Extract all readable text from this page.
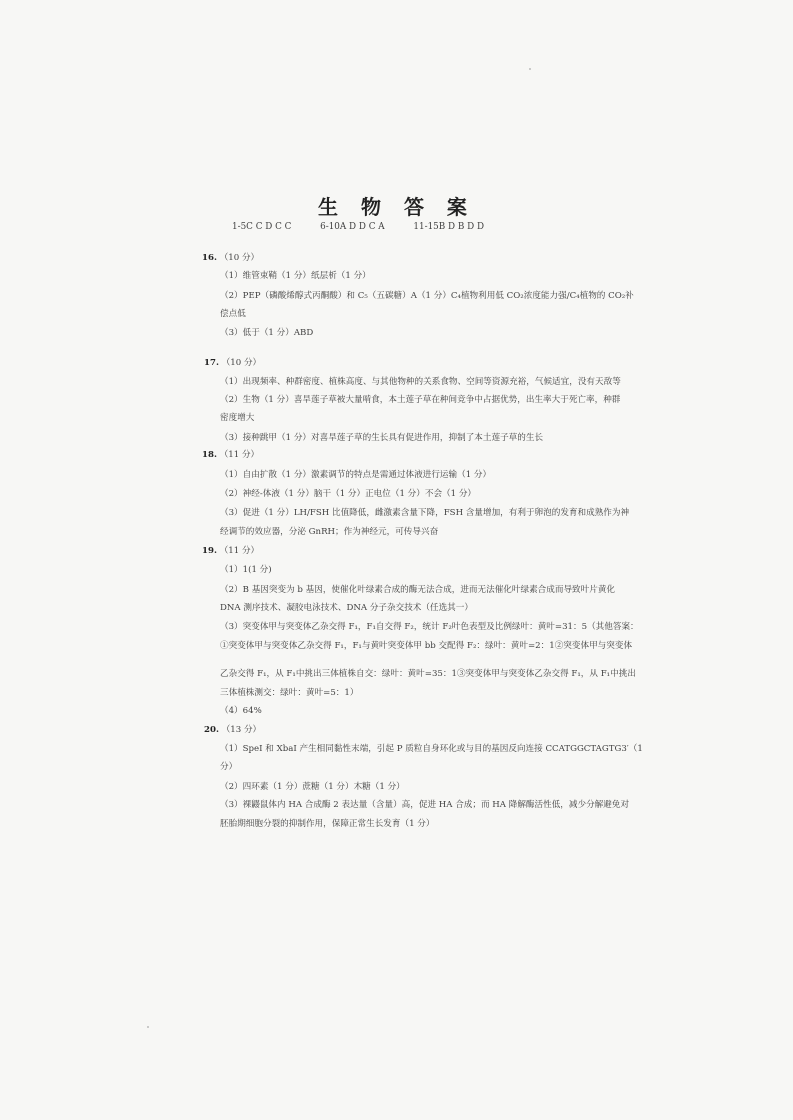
生 物 答 案
1-5C C D C C	6-10A D D C A	11-15B D B D D
16. （10 分）
（1）维管束鞘（1 分）纸层析（1 分）
（2）PEP（磷酸烯醇式丙酮酸）和 C₅（五碳糖）A（1 分）C₄植物利用低 CO₂浓度能力强/C₄植物的 CO₂补
偿点低
（3）低于（1 分）ABD
17. （10 分）
（1）出现频率、种群密度、植株高度、与其他物种的关系食物、空间等资源充裕，气候适宜，没有天敌等
（2）生物（1 分）喜旱莲子草被大量啃食，本土莲子草在种间竞争中占据优势，出生率大于死亡率，种群
密度增大
（3）接种跳甲（1 分）对喜旱莲子草的生长具有促进作用，抑制了本土莲子草的生长
18. （11 分）
（1）自由扩散（1 分）激素调节的特点是需通过体液进行运输（1 分）
（2）神经-体液（1 分）脑干（1 分）正电位（1 分）不会（1 分）
（3）促进（1 分）LH/FSH 比值降低，雌激素含量下降，FSH 含量增加，有利于卵泡的发育和成熟作为神
经调节的效应器，分泌 GnRH；作为神经元，可传导兴奋
19. （11 分）
（1）1(1 分)
（2）B 基因突变为 b 基因，使催化叶绿素合成的酶无法合成，进而无法催化叶绿素合成而导致叶片黄化
DNA 测序技术、凝胶电泳技术、DNA 分子杂交技术（任选其一）
（3）突变体甲与突变体乙杂交得 F₁，F₁自交得 F₂，统计 F₂叶色表型及比例绿叶：黄叶=31：5（其他答案：
①突变体甲与突变体乙杂交得 F₁，F₁与黄叶突变体甲 bb 交配得 F₂：绿叶：黄叶=2：1②突变体甲与突变体
乙杂交得 F₁，从 F₁中挑出三体植株自交：绿叶：黄叶=35：1③突变体甲与突变体乙杂交得 F₁，从 F₁中挑出
三体植株测交：绿叶：黄叶=5：1）
（4）64%
20. （13 分）
（1）SpeI 和 XbaI 产生相同黏性末端，引起 P 质粒自身环化或与目的基因反向连接 CCATGGCTAGTG3′（1
分）
（2）四环素（1 分）蔗糖（1 分）木糖（1 分）
（3）裸鼹鼠体内 HA 合成酶 2 表达量（含量）高，促进 HA 合成；而 HA 降解酶活性低，减少分解避免对
胚胎期细胞分裂的抑制作用，保障正常生长发育（1 分）
